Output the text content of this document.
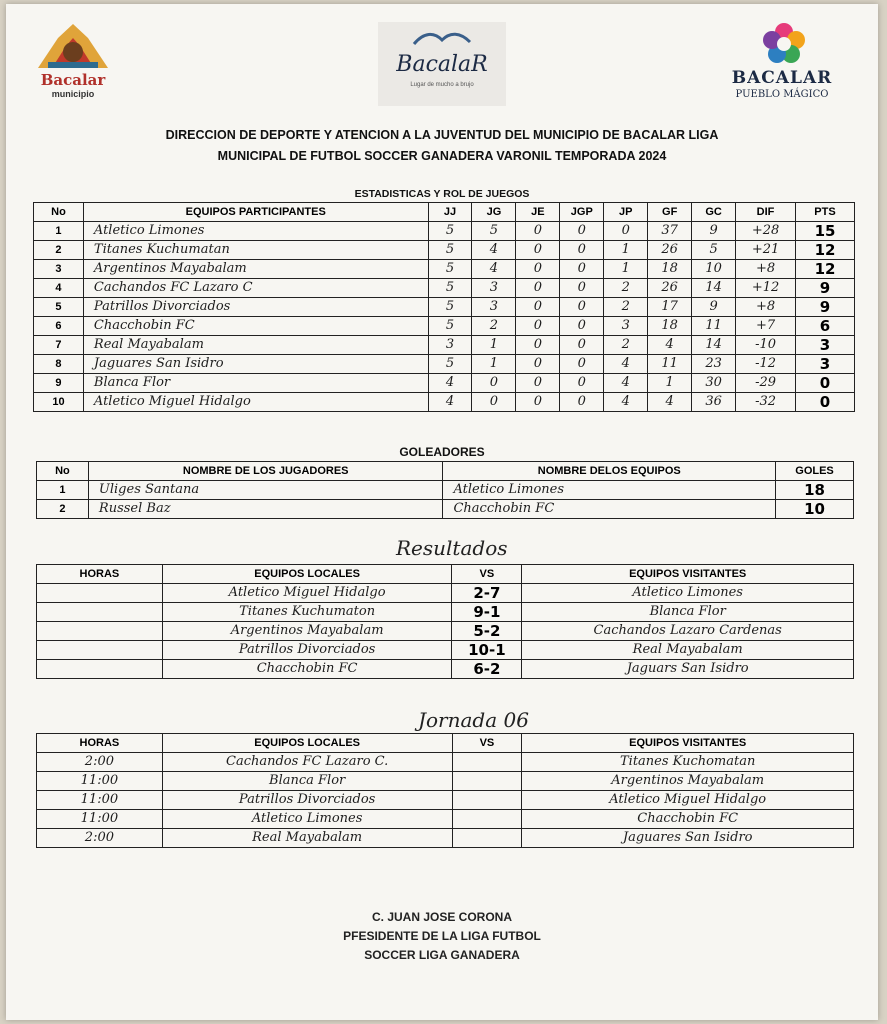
Bacalar
municipio
BacalaR
Lugar de mucho a brujo	BACALAR
PUEBLO MÁGICO
DIRECCION DE DEPORTE Y ATENCION A LA JUVENTUD DEL MUNICIPIO DE BACALAR LIGA
MUNICIPAL DE FUTBOL SOCCER GANADERA VARONIL TEMPORADA 2024
ESTADISTICAS Y ROL DE JUEGOS
No	EQUIPOS PARTICIPANTES	JJ	JG	JE	JGP	JP	GF	GC	DIF	PTS
1	Atletico Limones	5	5	0	0	0	37	9	+28	15
2	Titanes Kuchumatan	5	4	0	0	1	26	5	+21	12
3	Argentinos Mayabalam	5	4	0	0	1	18	10	+8	12
4	Cachandos FC Lazaro C	5	3	0	0	2	26	14	+12	9
5	Patrillos Divorciados	5	3	0	0	2	17	9	+8	9
6	Chacchobin FC	5	2	0	0	3	18	11	+7	6
7	Real Mayabalam	3	1	0	0	2	4	14	-10	3
8	Jaguares San Isidro	5	1	0	0	4	11	23	-12	3
9	Blanca Flor	4	0	0	0	4	1	30	-29	0
10	Atletico Miguel Hidalgo	4	0	0	0	4	4	36	-32	0
GOLEADORES
No	NOMBRE DE LOS JUGADORES	NOMBRE DELOS EQUIPOS	GOLES
1	Uliges Santana	Atletico Limones	18
2	Russel Baz	Chacchobin FC	10
Resultados
HORAS	EQUIPOS LOCALES	VS	EQUIPOS VISITANTES
	Atletico Miguel Hidalgo	2-7	Atletico Limones
	Titanes Kuchumaton	9-1	Blanca Flor
	Argentinos Mayabalam	5-2	Cachandos Lazaro Cardenas
	Patrillos Divorciados	10-1	Real Mayabalam
	Chacchobin FC	6-2	Jaguars San Isidro
Jornada 06
HORAS	EQUIPOS LOCALES	VS	EQUIPOS VISITANTES
2:00	Cachandos FC Lazaro C.		Titanes Kuchomatan
11:00	Blanca Flor		Argentinos Mayabalam
11:00	Patrillos Divorciados		Atletico Miguel Hidalgo
11:00	Atletico Limones		Chacchobin FC
2:00	Real Mayabalam		Jaguares San Isidro
C. JUAN JOSE CORONA
PFESIDENTE DE LA LIGA FUTBOL
SOCCER LIGA GANADERA
